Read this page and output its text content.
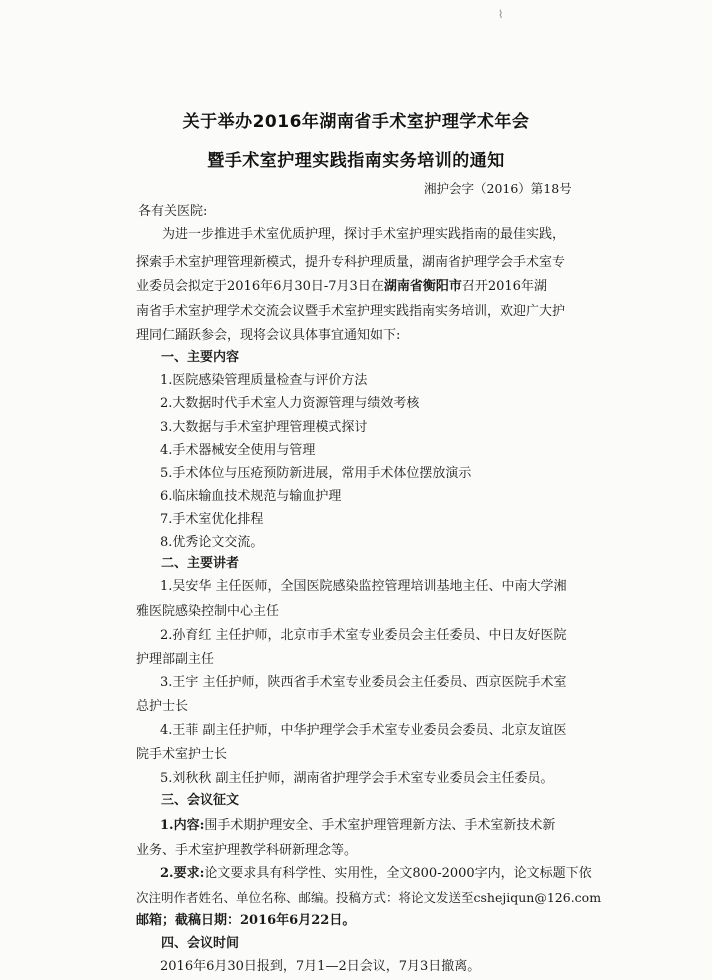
⌇
关于举办2016年湖南省手术室护理学术年会
暨手术室护理实践指南实务培训的通知
湘护会字（2016）第18号
各有关医院:
为进一步推进手术室优质护理，探讨手术室护理实践指南的最佳实践，
探索手术室护理管理新模式，提升专科护理质量，湖南省护理学会手术室专
业委员会拟定于2016年6月30日-7月3日在湖南省衡阳市召开2016年湖
南省手术室护理学术交流会议暨手术室护理实践指南实务培训，欢迎广大护
理同仁踊跃参会，现将会议具体事宜通知如下:
一、主要内容
1.医院感染管理质量检查与评价方法
2.大数据时代手术室人力资源管理与绩效考核
3.大数据与手术室护理管理模式探讨
4.手术器械安全使用与管理
5.手术体位与压疮预防新进展，常用手术体位摆放演示
6.临床输血技术规范与输血护理
7.手术室优化排程
8.优秀论文交流。
二、主要讲者
1.吴安华 主任医师，全国医院感染监控管理培训基地主任、中南大学湘
雅医院感染控制中心主任
2.孙育红 主任护师，北京市手术室专业委员会主任委员、中日友好医院
护理部副主任
3.王宇 主任护师，陕西省手术室专业委员会主任委员、西京医院手术室
总护士长
4.王菲 副主任护师，中华护理学会手术室专业委员会委员、北京友谊医
院手术室护士长
5.刘秋秋 副主任护师，湖南省护理学会手术室专业委员会主任委员。
三、会议征文
1.内容:围手术期护理安全、手术室护理管理新方法、手术室新技术新
业务、手术室护理教学科研新理念等。
2.要求:论文要求具有科学性、实用性，全文800-2000字内，论文标题下依
次注明作者姓名、单位名称、邮编。投稿方式：将论文发送至cshejiqun@126.com
邮箱；截稿日期：2016年6月22日。
四、会议时间
2016年6月30日报到，7月1—2日会议，7月3日撤离。
